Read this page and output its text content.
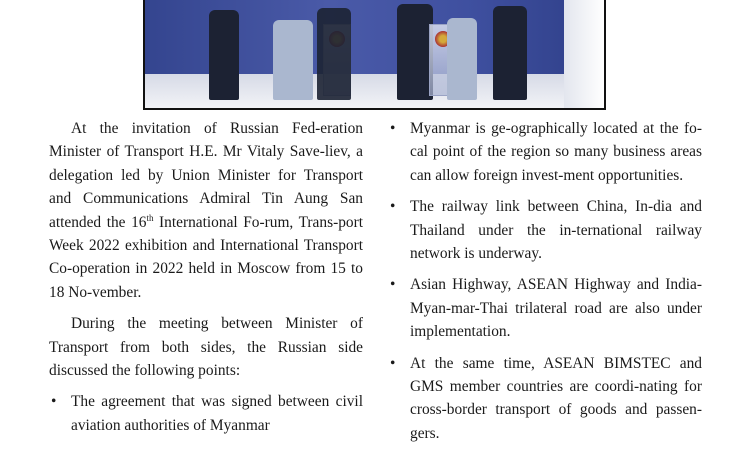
At the invitation of Russian Fed-eration Minister of Transport H.E. Mr Vitaly Save-liev, a delegation led by Union Minister for Transport and Communications Admiral Tin Aung San attended the 16th International Fo-rum, Trans-port Week 2022 exhibition and International Transport Co-operation in 2022 held in Moscow from 15 to 18 No-vember.

During the meeting between Minister of Transport from both sides, the Russian side discussed the following points:

• The agreement that was signed between civil aviation authorities of Myanmar
• Myanmar is ge-ographically located at the fo-cal point of the region so many business areas can allow foreign invest-ment opportunities.
• The railway link between China, In-dia and Thailand under the in-ternational railway network is underway.
• Asian Highway, ASEAN Highway and India-Myan-mar-Thai trilateral road are also under implementation.
• At the same time, ASEAN BIMSTEC and GMS member countries are coordi-nating for cross-border transport of goods and passen-gers.
